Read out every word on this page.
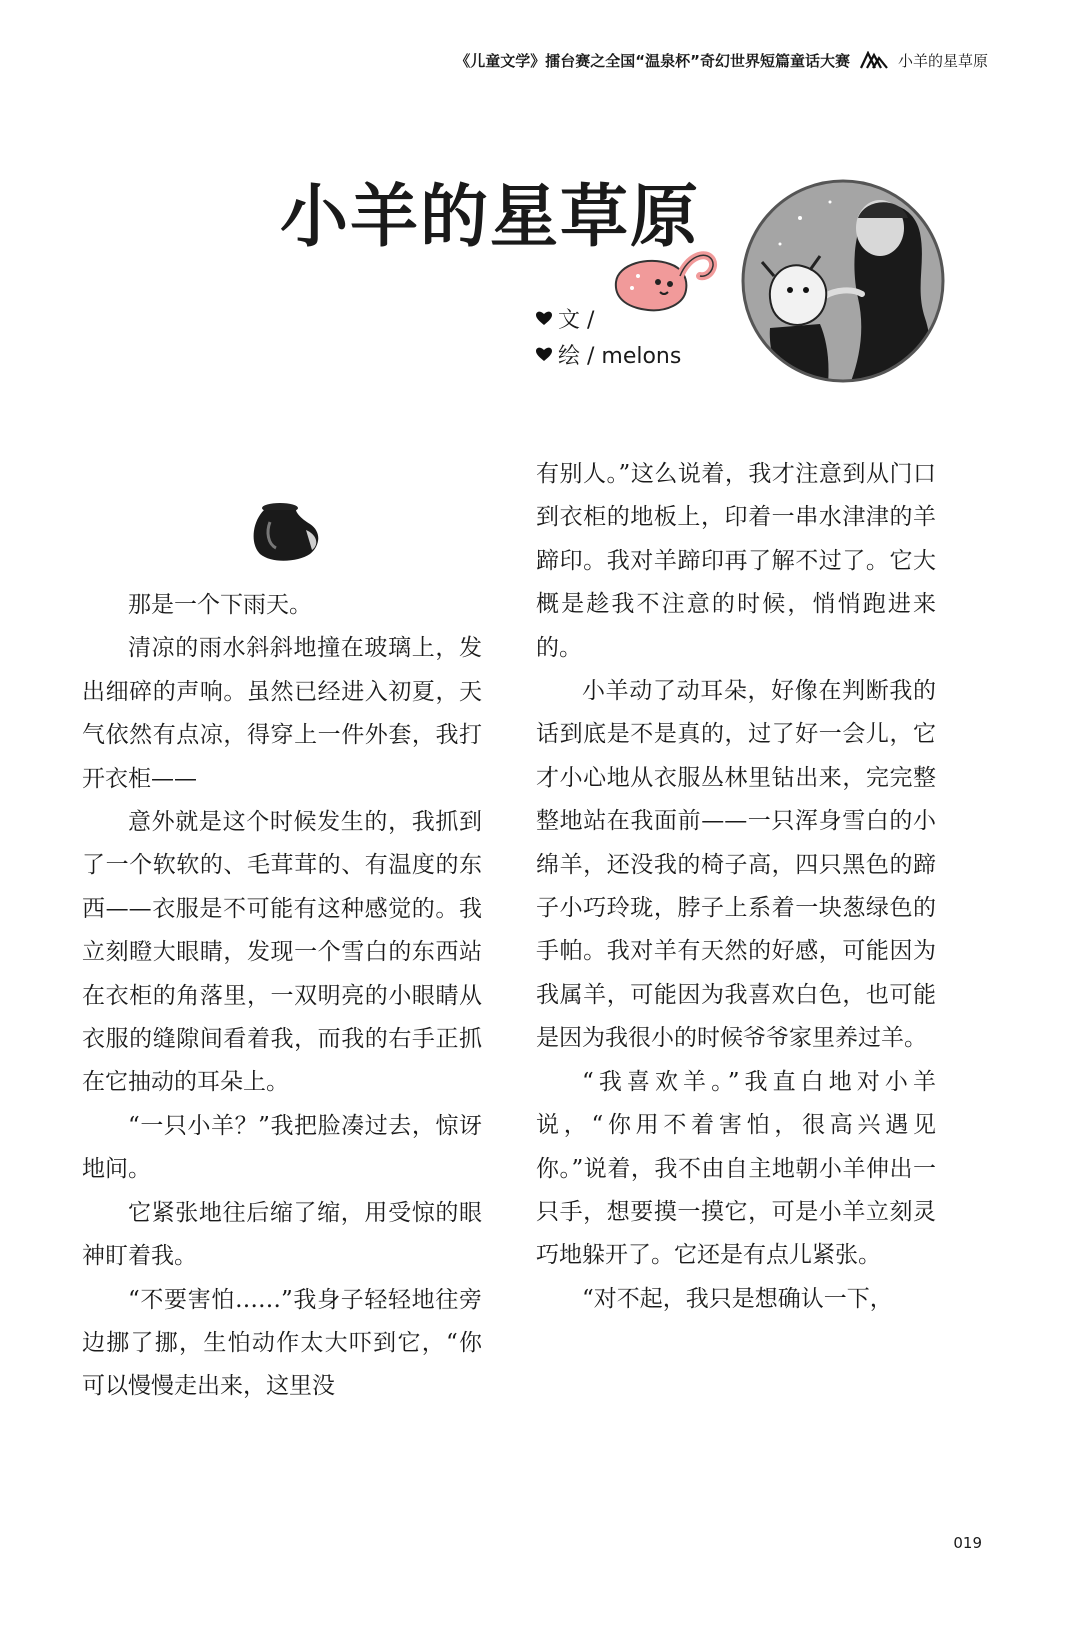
《儿童文学》擂台赛之全国“温泉杯”奇幻世界短篇童话大赛	小羊的星草原
小羊的星草原
文 /
绘 / melons

那是一个下雨天。

清凉的雨水斜斜地撞在玻璃上，发出细碎的声响。虽然已经进入初夏，天气依然有点凉，得穿上一件外套，我打开衣柜——

意外就是这个时候发生的，我抓到了一个软软的、毛茸茸的、有温度的东西——衣服是不可能有这种感觉的。我立刻瞪大眼睛，发现一个雪白的东西站在衣柜的角落里，一双明亮的小眼睛从衣服的缝隙间看着我，而我的右手正抓在它抽动的耳朵上。

“一只小羊？”我把脸凑过去，惊讶地问。

它紧张地往后缩了缩，用受惊的眼神盯着我。

“不要害怕……”我身子轻轻地往旁边挪了挪，生怕动作太大吓到它，“你可以慢慢走出来，这里没

有别人。”这么说着，我才注意到从门口到衣柜的地板上，印着一串水津津的羊蹄印。我对羊蹄印再了解不过了。它大概是趁我不注意的时候，悄悄跑进来的。

小羊动了动耳朵，好像在判断我的话到底是不是真的，过了好一会儿，它才小心地从衣服丛林里钻出来，完完整整地站在我面前——一只浑身雪白的小绵羊，还没我的椅子高，四只黑色的蹄子小巧玲珑，脖子上系着一块葱绿色的手帕。我对羊有天然的好感，可能因为我属羊，可能因为我喜欢白色，也可能是因为我很小的时候爷爷家里养过羊。

“我喜欢羊。”我直白地对小羊说，“你用不着害怕，很高兴遇见你。”说着，我不由自主地朝小羊伸出一只手，想要摸一摸它，可是小羊立刻灵巧地躲开了。它还是有点儿紧张。

“对不起，我只是想确认一下，

019
